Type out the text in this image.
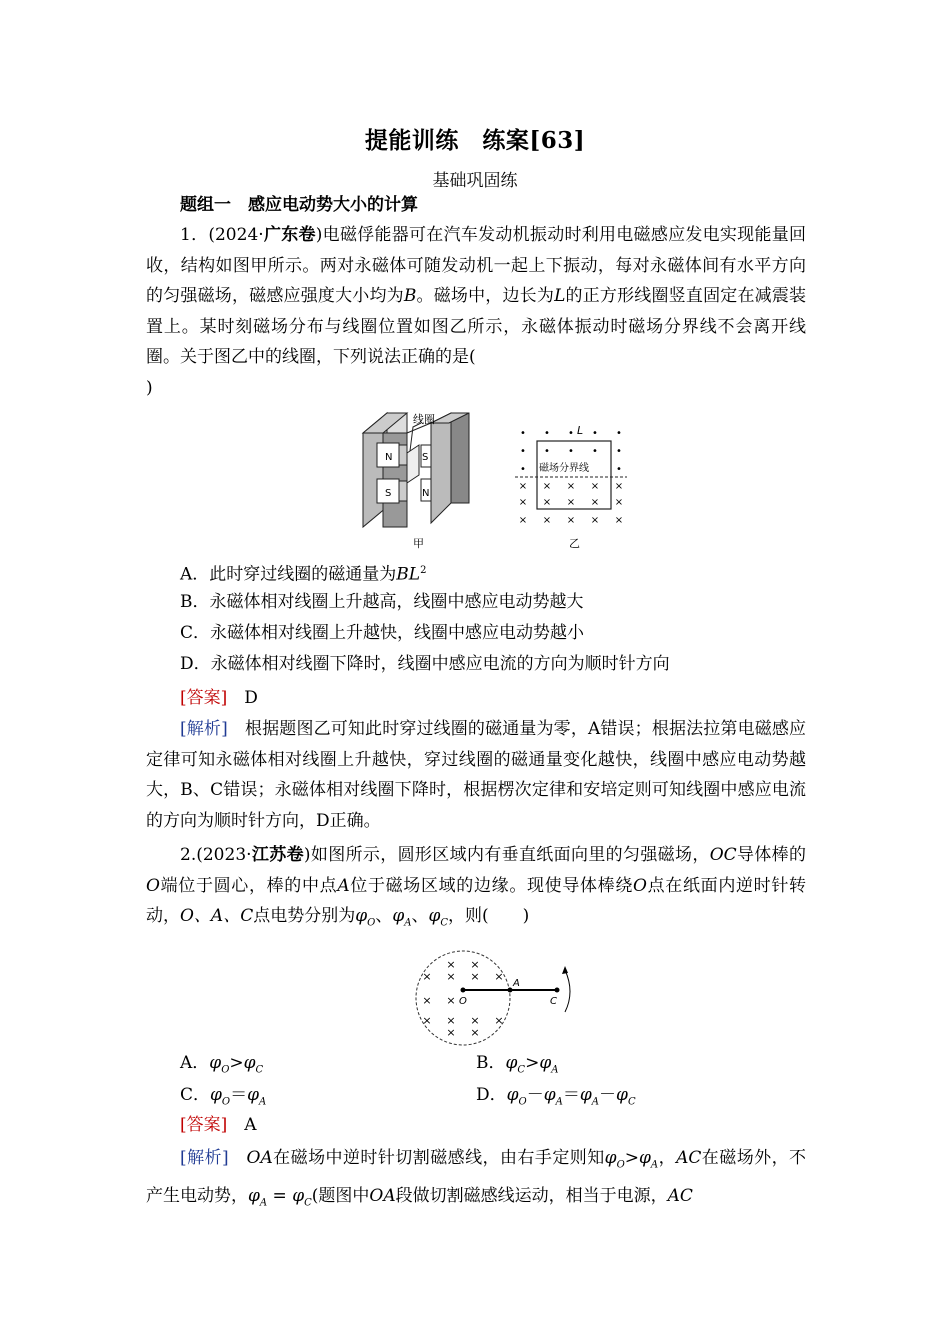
提能训练　练案[63]
基础巩固练
题组一　感应电动势大小的计算
1．(2024·广东卷)电磁俘能器可在汽车发动机振动时利用电磁感应发电实现能量回收，结构如图甲所示。两对永磁体可随发动机一起上下振动，每对永磁体间有水平方向的匀强磁场，磁感应强度大小均为B。磁场中，边长为L的正方形线圈竖直固定在减震装置上。某时刻磁场分布与线圈位置如图乙所示，永磁体振动时磁场分界线不会离开线圈。关于图乙中的线圈，下列说法正确的是(
)
线圈
N	S
S	N
甲
• • • • •
• • • • •
•	•
× × × × ×
× × × × ×
× × × × ×
L
磁场分界线
乙
A．此时穿过线圈的磁通量为$BL^2$
B．永磁体相对线圈上升越高，线圈中感应电动势越大
C．永磁体相对线圈上升越快，线圈中感应电动势越小
D．永磁体相对线圈下降时，线圈中感应电流的方向为顺时针方向
[答案]　 D
[解析]　 根据题图乙可知此时穿过线圈的磁通量为零，A错误；根据法拉第电磁感应定律可知永磁体相对线圈上升越快，穿过线圈的磁通量变化越快，线圈中感应电动势越大，B、C错误；永磁体相对线圈下降时，根据楞次定律和安培定则可知线圈中感应电流的方向为顺时针方向，D正确。
2.(2023·江苏卷)如图所示，圆形区域内有垂直纸面向里的匀强磁场，OC导体棒的O端位于圆心，棒的中点A位于磁场区域的边缘。现使导体棒绕O点在纸面内逆时针转动，O、A、C点电势分别为$\varphi_O$、$\varphi_A$、$\varphi_C$，则(　　)
× ×
× × × ×
× ×
× × × ×
× ×
O
A
C
A．$\varphi_O>\varphi_C$	B．$\varphi_C>\varphi_A$
C．$\varphi_O=\varphi_A$	D．$\varphi_O-\varphi_A=\varphi_A-\varphi_C$
[答案]　 A
[解析]　 OA在磁场中逆时针切割磁感线，由右手定则知$\varphi_O>\varphi_A$，AC在磁场外，不产生电动势，$\varphi_A = \varphi_C$(题图中OA段做切割磁感线运动，相当于电源，AC
